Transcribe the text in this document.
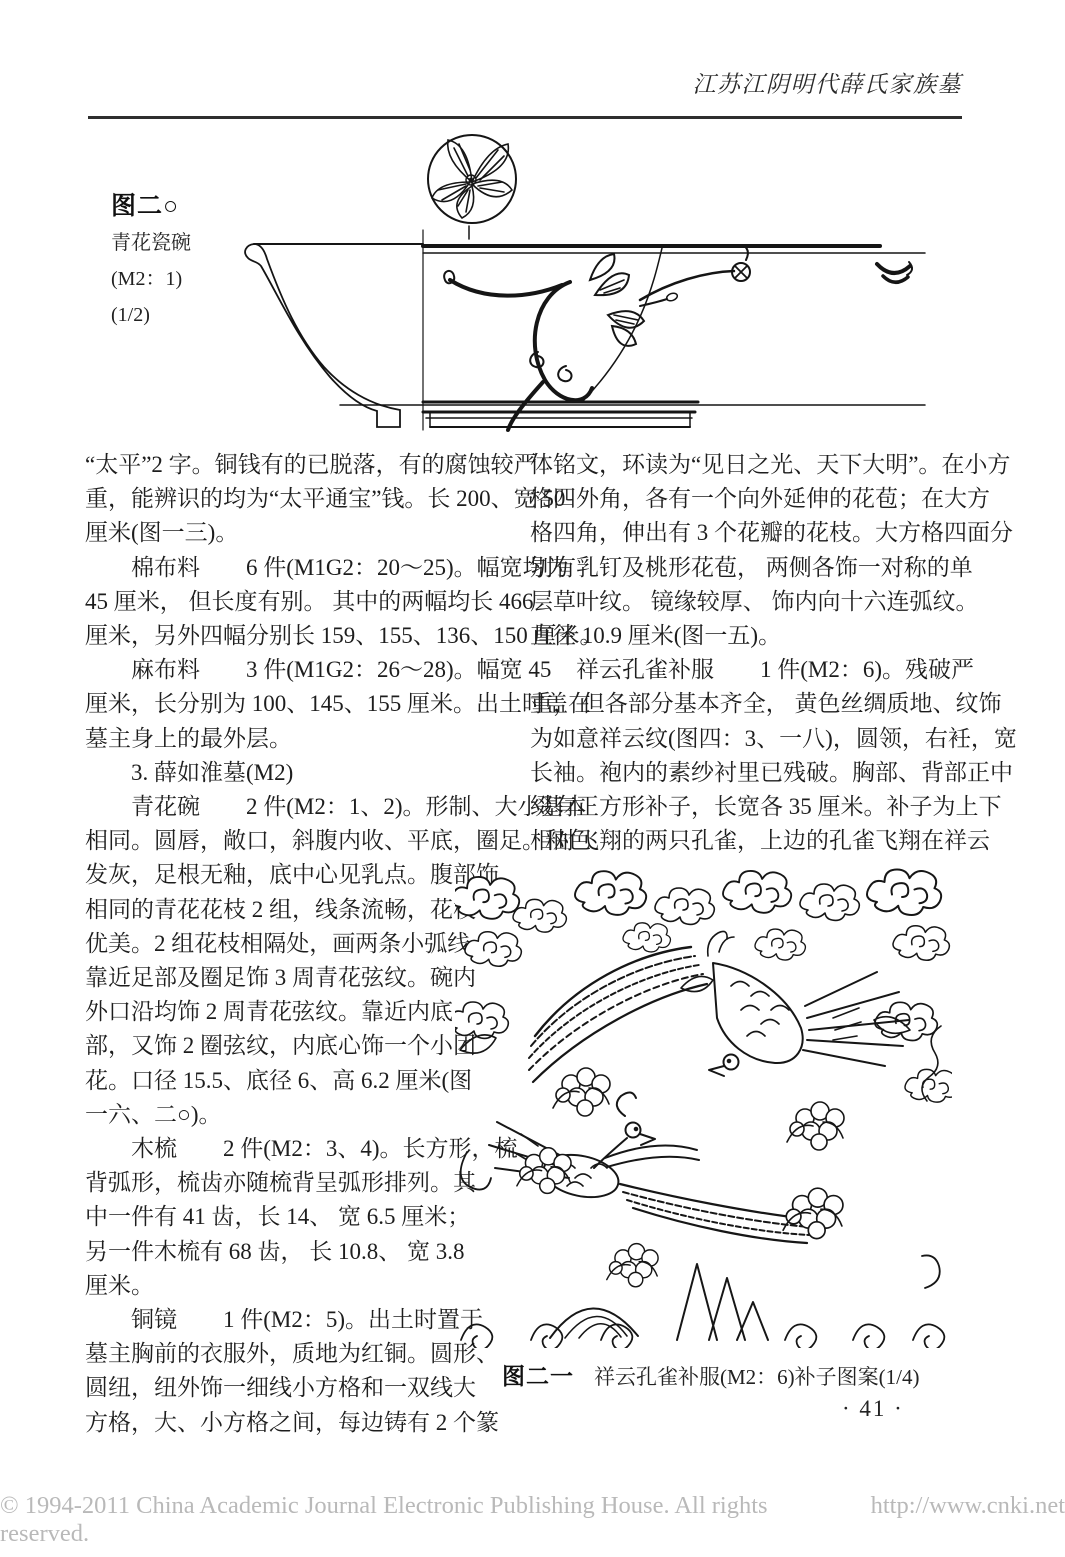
江苏江阴明代薛氏家族墓
图二○
青花瓷碗
(M2：1)
(1/2)
“太平”2 字。铜钱有的已脱落，有的腐蚀较严
重，能辨识的均为“太平通宝”钱。长 200、宽 50
厘米(图一三)。
　　棉布料　　6 件(M1G2：20～25)。幅宽均为
45 厘米， 但长度有别。 其中的两幅均长 466
厘米，另外四幅分别长 159、155、136、150 厘米。
　　麻布料　　3 件(M1G2：26～28)。幅宽 45
厘米，长分别为 100、145、155 厘米。出土时盖在
墓主身上的最外层。
　　3. 薛如淮墓(M2)
　　青花碗　　2 件(M2：1、2)。形制、大小基本
相同。圆唇，敞口，斜腹内收、平底，圈足。釉色
发灰，足根无釉，底中心见乳点。腹部饰
相同的青花花枝 2 组，线条流畅，花枝
优美。2 组花枝相隔处，画两条小弧线。
靠近足部及圈足饰 3 周青花弦纹。碗内
外口沿均饰 2 周青花弦纹。靠近内底
部，又饰 2 圈弦纹，内底心饰一个小团
花。口径 15.5、底径 6、高 6.2 厘米(图
一六、二○)。
　　木梳　　2 件(M2：3、4)。长方形，梳
背弧形，梳齿亦随梳背呈弧形排列。其
中一件有 41 齿，长 14、 宽 6.5 厘米；
另一件木梳有 68 齿， 长 10.8、 宽 3.8
厘米。
　　铜镜　　1 件(M2：5)。出土时置于
墓主胸前的衣服外，质地为红铜。圆形、
圆纽，纽外饰一细线小方格和一双线大
方格，大、小方格之间，每边铸有 2 个篆
体铭文，环读为“见日之光、天下大明”。在小方
格四外角，各有一个向外延伸的花苞；在大方
格四角，伸出有 3 个花瓣的花枝。大方格四面分
别有乳钉及桃形花苞， 两侧各饰一对称的单
层草叶纹。 镜缘较厚、 饰内向十六连弧纹。
直径 10.9 厘米(图一五)。
　　祥云孔雀补服　　1 件(M2：6)。残破严
重， 但各部分基本齐全， 黄色丝绸质地、纹饰
为如意祥云纹(图四：3、一八)，圆领，右衽，宽
长袖。袍内的素纱衬里已残破。胸部、背部正中
缀有正方形补子，长宽各 35 厘米。补子为上下
相对飞翔的两只孔雀，上边的孔雀飞翔在祥云
图二一 祥云孔雀补服(M2：6)补子图案(1/4)
· 41 ·
© 1994-2011 China Academic Journal Electronic Publishing House. All rights reserved.
http://www.cnki.net
